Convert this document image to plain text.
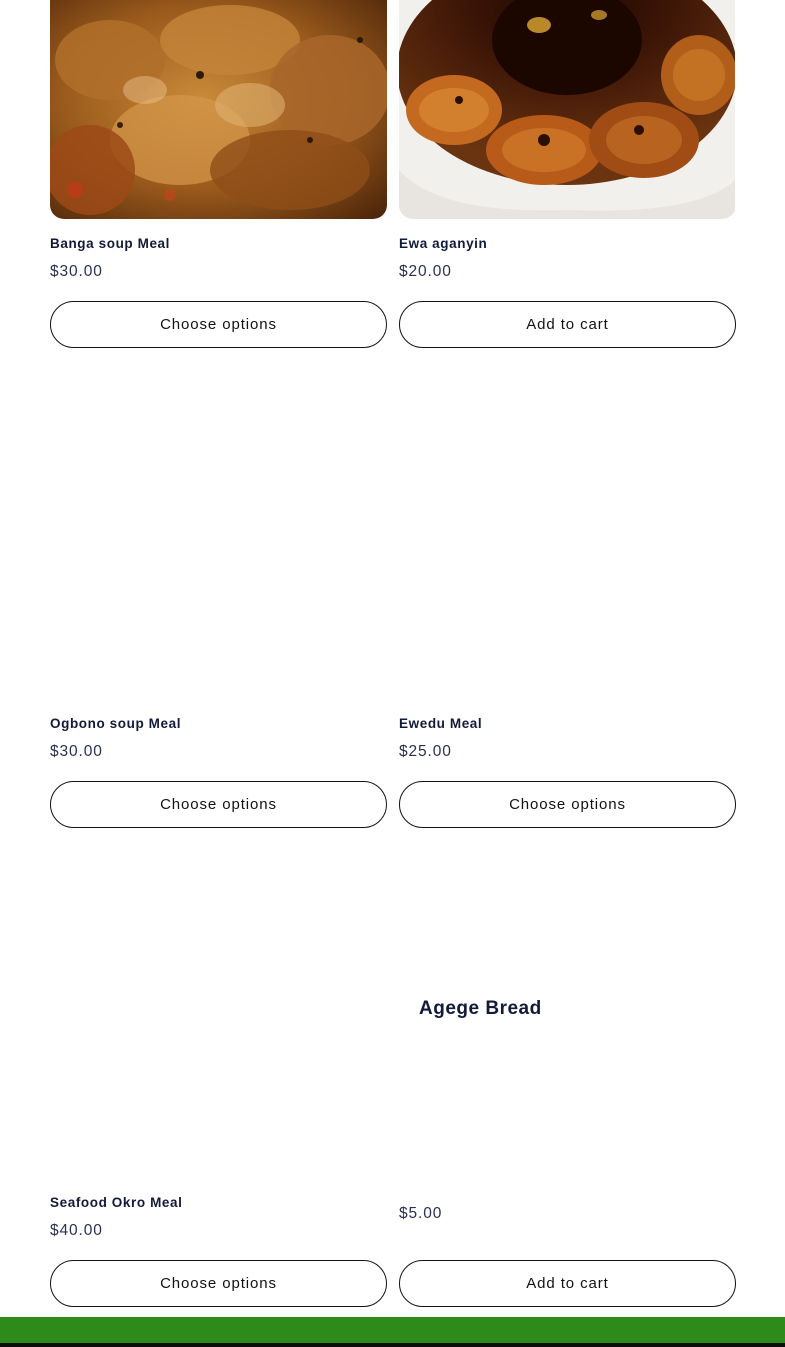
Banga soup Meal
$30.00
Choose options
Ewa aganyin
$20.00
Add to cart
Ogbono soup Meal
$30.00
Choose options
Ewedu Meal
$25.00
Choose options
Seafood Okro Meal
$40.00
Choose options
Agege Bread
$5.00
Add to cart
